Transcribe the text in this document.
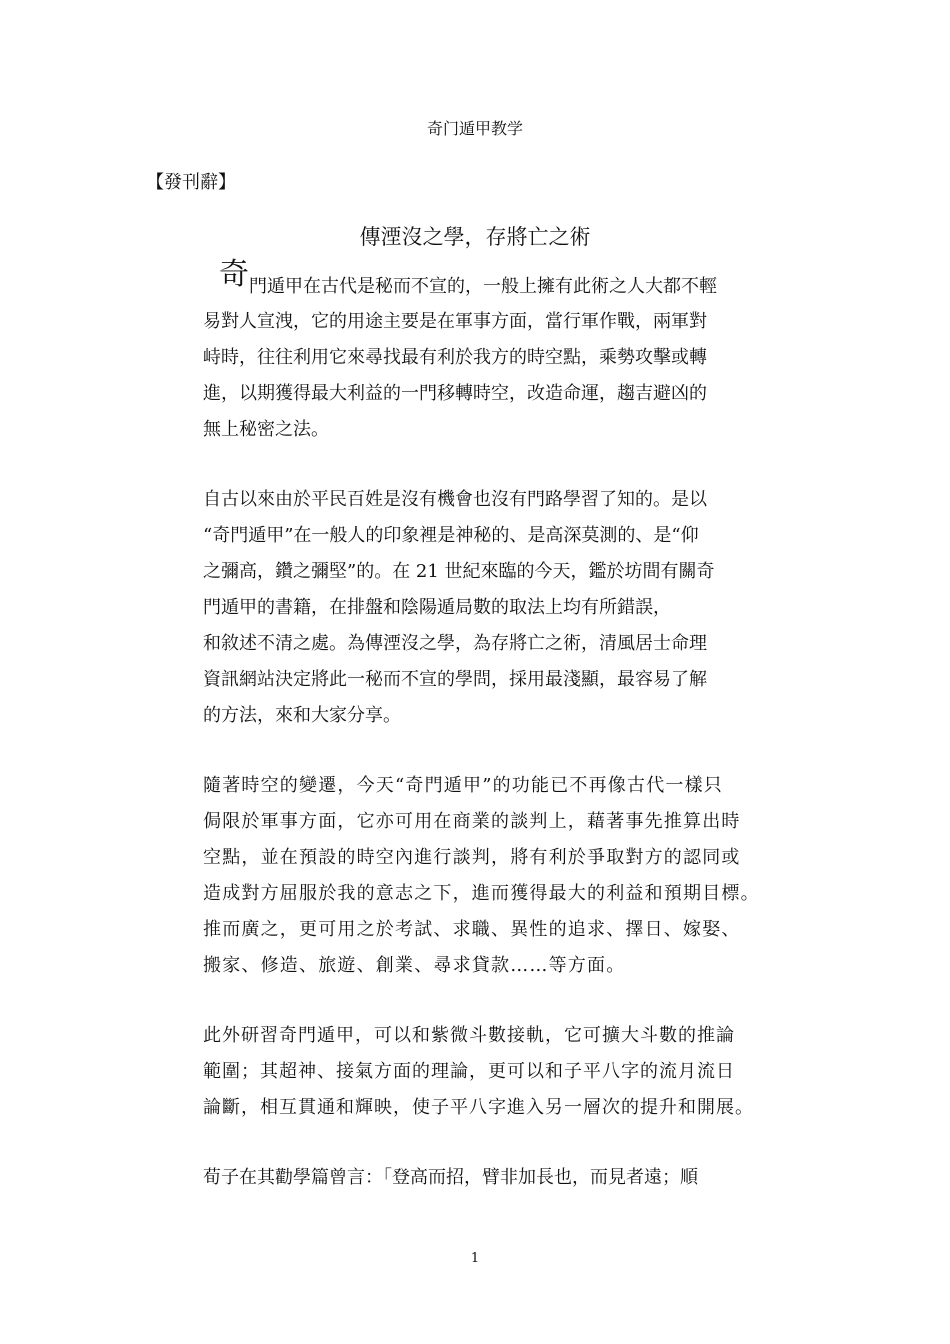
奇门遁甲教学
【發刊辭】
傳湮沒之學，存將亡之術

奇門遁甲在古代是秘而不宣的，一般上擁有此術之人大都不輕
易對人宣洩，它的用途主要是在軍事方面，當行軍作戰，兩軍對
峙時，往往利用它來尋找最有利於我方的時空點，乘勢攻擊或轉
進，以期獲得最大利益的一門移轉時空，改造命運，趨吉避凶的
無上秘密之法。

自古以來由於平民百姓是沒有機會也沒有門路學習了知的。是以
“奇門遁甲”在一般人的印象裡是神秘的、是高深莫測的、是“仰
之彌高，鑽之彌堅”的。在 21 世紀來臨的今天，鑑於坊間有關奇
門遁甲的書籍，在排盤和陰陽遁局數的取法上均有所錯誤，
和敘述不清之處。為傳湮沒之學，為存將亡之術，清風居士命理
資訊網站決定將此一秘而不宣的學問，採用最淺顯，最容易了解
的方法，來和大家分享。

隨著時空的變遷，今天“奇門遁甲”的功能已不再像古代一樣只
侷限於軍事方面，它亦可用在商業的談判上，藉著事先推算出時
空點，並在預設的時空內進行談判，將有利於爭取對方的認同或
造成對方屈服於我的意志之下，進而獲得最大的利益和預期目標。
推而廣之，更可用之於考試、求職、異性的追求、擇日、嫁娶、
搬家、修造、旅遊、創業、尋求貸款……等方面。

此外研習奇門遁甲，可以和紫微斗數接軌，它可擴大斗數的推論
範圍；其超神、接氣方面的理論，更可以和子平八字的流月流日
論斷，相互貫通和輝映，使子平八字進入另一層次的提升和開展。

荀子在其勸學篇曾言：「登高而招，臂非加長也，而見者遠；順

1
